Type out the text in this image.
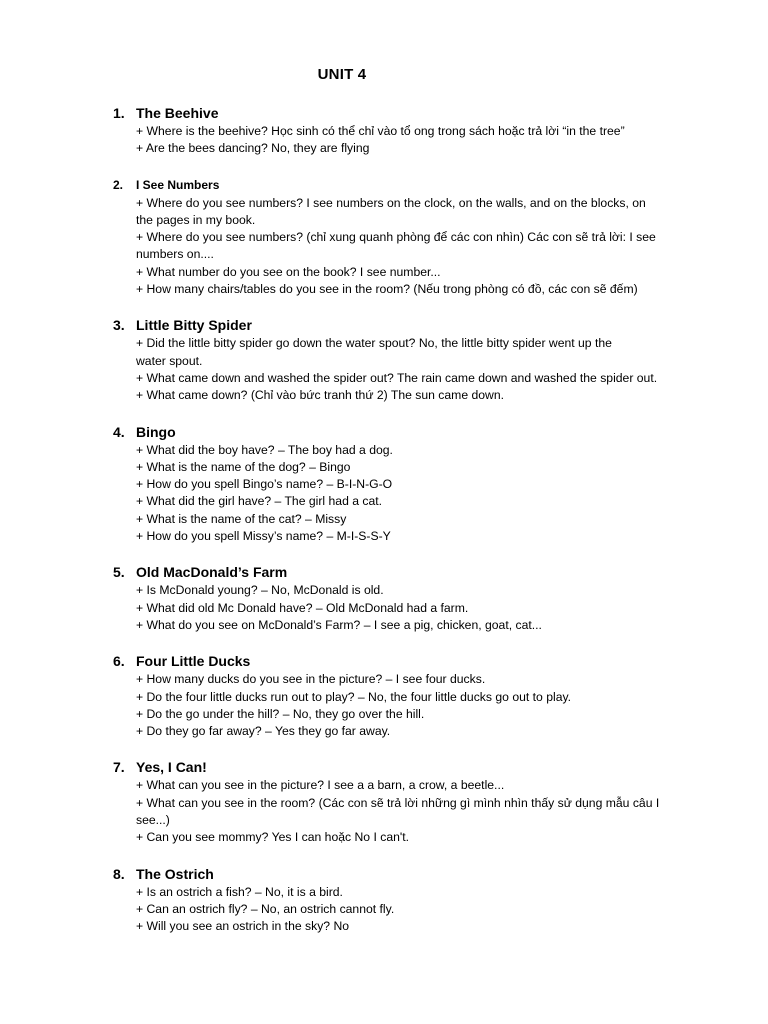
UNIT 4
1. The Beehive
+ Where is the beehive? Học sinh có thể chỉ vào tổ ong trong sách hoặc trả lời “in the tree”
+ Are the bees dancing? No, they are flying
2.	I See Numbers
+ Where do you see numbers? I see numbers on the clock, on the walls, and on the blocks, on
the pages in my book.
+ Where do you see numbers? (chỉ xung quanh phòng để các con nhìn) Các con sẽ trả lời: I see
numbers on....
+ What number do you see on the book? I see number...
+ How many chairs/tables do you see in the room? (Nếu trong phòng có đồ, các con sẽ đếm)
3. Little Bitty Spider
+ Did the little bitty spider go down the water spout? No, the little bitty spider went up the
water spout.
+ What came down and washed the spider out? The rain came down and washed the spider out.
+ What came down? (Chỉ vào bức tranh thứ 2) The sun came down.
4. Bingo
+ What did the boy have? – The boy had a dog.
+ What is the name of the dog? – Bingo
+ How do you spell Bingo’s name? – B-I-N-G-O
+ What did the girl have? – The girl had a cat.
+ What is the name of the cat? – Missy
+ How do you spell Missy’s name? – M-I-S-S-Y
5. Old MacDonald’s Farm
+ Is McDonald young? – No, McDonald is old.
+ What did old Mc Donald have? – Old McDonald had a farm.
+ What do you see on McDonald’s Farm? – I see a pig, chicken, goat, cat...
6. Four Little Ducks
+ How many ducks do you see in the picture? – I see four ducks.
+ Do the four little ducks run out to play? – No, the four little ducks go out to play.
+ Do the go under the hill? – No, they go over the hill.
+ Do they go far away? – Yes they go far away.
7. Yes, I Can!
+ What can you see in the picture? I see a a barn, a crow, a beetle...
+ What can you see in the room? (Các con sẽ trả lời những gì mình nhìn thấy sử dụng mẫu câu I
see...)
+ Can you see mommy? Yes I can hoặc No I can't.
8. The Ostrich
+ Is an ostrich a fish? – No, it is a bird.
+ Can an ostrich fly? – No, an ostrich cannot fly.
+ Will you see an ostrich in the sky? No
